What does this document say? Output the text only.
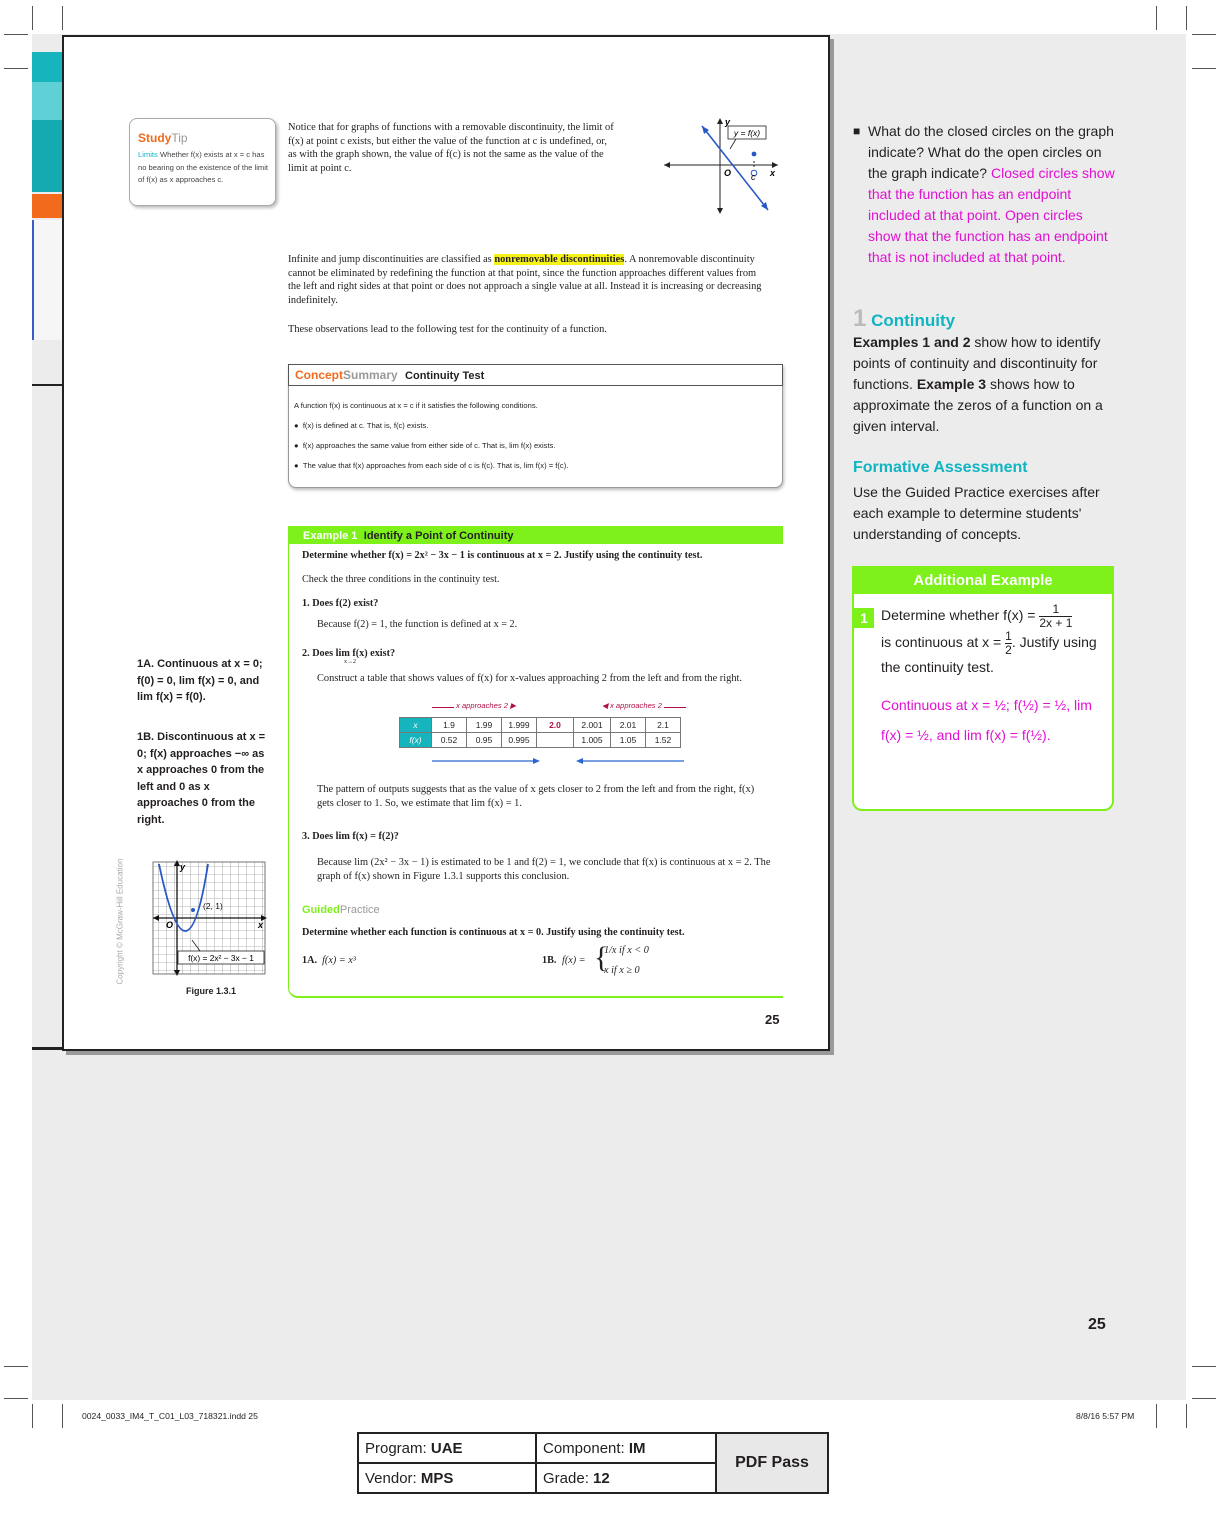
StudyTip
Limits Whether f(x) exists at x = c has no bearing on the existence of the limit of f(x) as x approaches c.
Notice that for graphs of functions with a removable discontinuity, the limit of f(x) at point c exists, but either the value of the function at c is undefined, or, as with the graph shown, the value of f(c) is not the same as the value of the limit at point c.
y = f(x)
y
x
O c
Infinite and jump discontinuities are classified as nonremovable discontinuities. A nonremovable discontinuity cannot be eliminated by redefining the function at that point, since the function approaches different values from the left and right sides at that point or does not approach a single value at all. Instead it is increasing or decreasing indefinitely.
These observations lead to the following test for the continuity of a function.
ConceptSummary Continuity Test
A function f(x) is continuous at x = c if it satisfies the following conditions.
●  f(x) is defined at c. That is, f(c) exists.
●  f(x) approaches the same value from either side of c. That is, lim f(x) exists.
●  The value that f(x) approaches from each side of c is f(c). That is, lim f(x) = f(c).
Example 1 Identify a Point of Continuity
Determine whether f(x) = 2x² − 3x − 1 is continuous at x = 2. Justify using the continuity test.
Check the three conditions in the continuity test.
1. Does f(2) exist?
Because f(2) = 1, the function is defined at x = 2.
2. Does lim f(x) exist?
x→2
Construct a table that shows values of f(x) for x-values approaching 2 from the left and from the right.
x approaches 2 ▶	◀ x approaches 2
x	1.9	1.99	1.999	2.0	2.001	2.01	2.1
f(x)	0.52	0.95	0.995		1.005	1.05	1.52
The pattern of outputs suggests that as the value of x gets closer to 2 from the left and from the right, f(x) gets closer to 1. So, we estimate that lim f(x) = 1.
3. Does lim f(x) = f(2)?
Because lim (2x² − 3x − 1) is estimated to be 1 and f(2) = 1, we conclude that f(x) is continuous at x = 2. The graph of f(x) shown in Figure 1.3.1 supports this conclusion.
GuidedPractice
Determine whether each function is continuous at x = 0. Justify using the continuity test.
1A. f(x) = x³	1B. f(x) = {
1/x if x < 0
x if x ≥ 0
1A. Continuous at x = 0; f(0) = 0, lim f(x) = 0, and lim f(x) = f(0).
1B. Discontinuous at x = 0; f(x) approaches −∞ as x approaches 0 from the left and 0 as x approaches 0 from the right.
f(x) = 2x² − 3x − 1
(2, 1)
O	x
y
Figure 1.3.1
Copyright © McGraw-Hill Education
25
■ What do the closed circles on the graph indicate? What do the open circles on the graph indicate? Closed circles show that the function has an endpoint included at that point. Open circles show that the function has an endpoint that is not included at that point.
1 Continuity
Examples 1 and 2 show how to identify points of continuity and discontinuity for functions. Example 3 shows how to approximate the zeros of a function on a given interval.
Formative Assessment
Use the Guided Practice exercises after each example to determine students' understanding of concepts.
Additional Example
1 Determine whether $f(x) = \frac{1}{2x + 1}$

is continuous at $x = \frac{1}{2}$ . Justify using the continuity test.
Continuous at x = ½; f(½) = ½, lim f(x) = ½, and lim f(x) = f(½).
25
0024_0033_IM4_T_C01_L03_718321.indd 25	8/8/16 5:57 PM
Program: UAE	Component: IM	PDF Pass
Vendor: MPS	Grade: 12	
